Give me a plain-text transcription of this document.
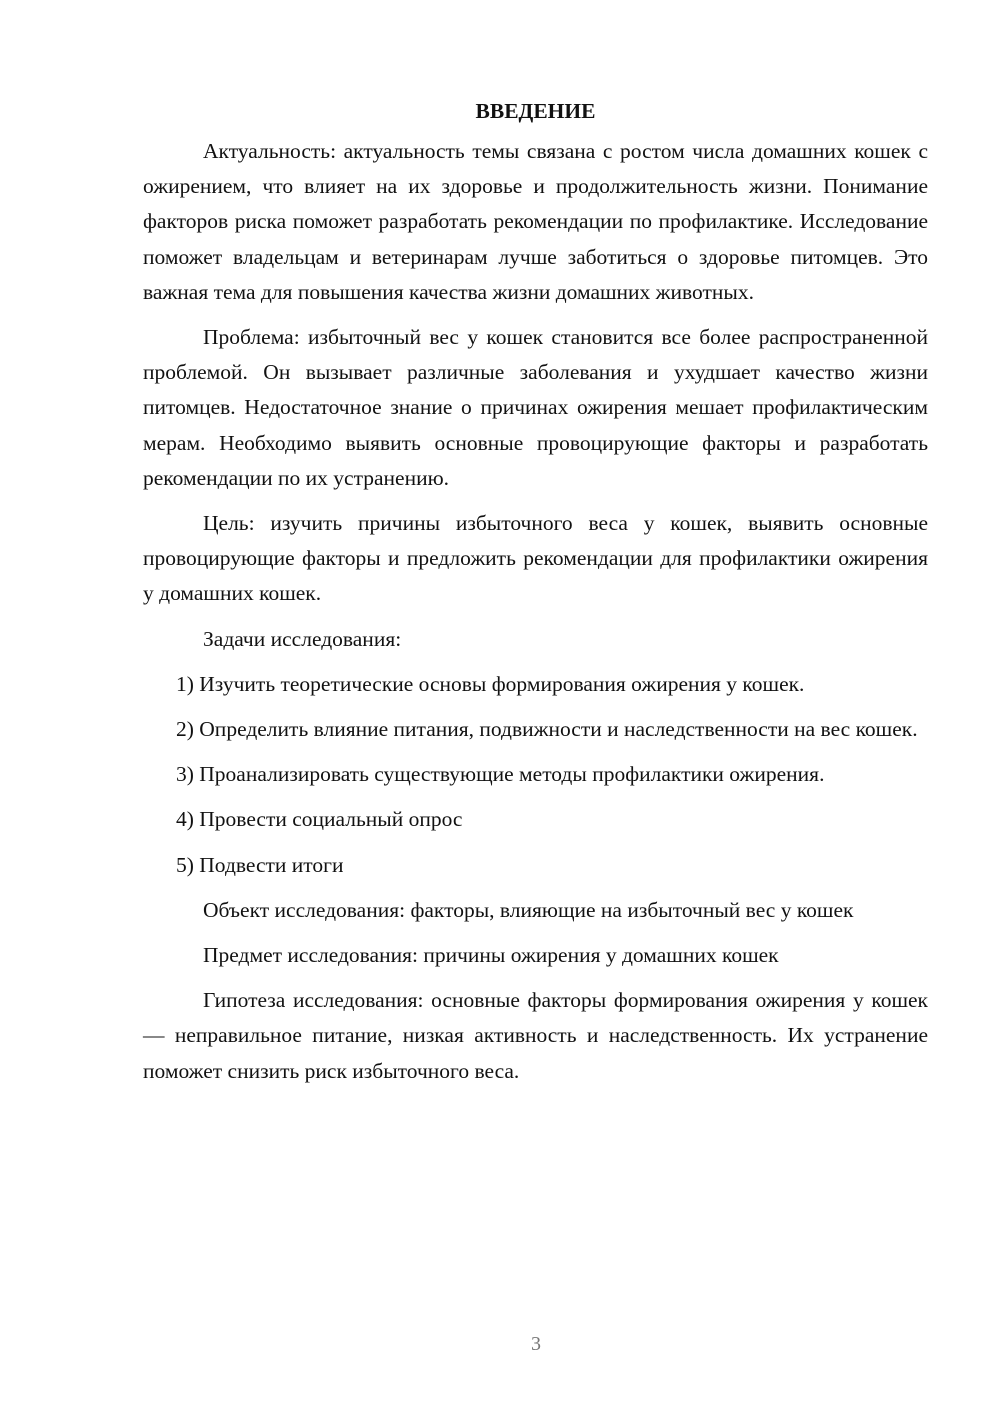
ВВЕДЕНИЕ

Актуальность: актуальность темы связана с ростом числа домашних кошек с ожирением, что влияет на их здоровье и продолжительность жизни. Понимание факторов риска поможет разработать рекомендации по профилактике. Исследование поможет владельцам и ветеринарам лучше заботиться о здоровье питомцев. Это важная тема для повышения качества жизни домашних животных.

Проблема: избыточный вес у кошек становится все более распространенной проблемой. Он вызывает различные заболевания и ухудшает качество жизни питомцев. Недостаточное знание о причинах ожирения мешает профилактическим мерам. Необходимо выявить основные провоцирующие факторы и разработать рекомендации по их устранению.

Цель: изучить причины избыточного веса у кошек, выявить основные провоцирующие факторы и предложить рекомендации для профилактики ожирения у домашних кошек.

Задачи исследования:

1) Изучить теоретические основы формирования ожирения у кошек.

2) Определить влияние питания, подвижности и наследственности на вес кошек.

3) Проанализировать существующие методы профилактики ожирения.

4) Провести социальный опрос

5) Подвести итоги

Объект исследования: факторы, влияющие на избыточный вес у кошек

Предмет исследования: причины ожирения у домашних кошек

Гипотеза исследования: основные факторы формирования ожирения у кошек — неправильное питание, низкая активность и наследственность. Их устранение поможет снизить риск избыточного веса.

3
